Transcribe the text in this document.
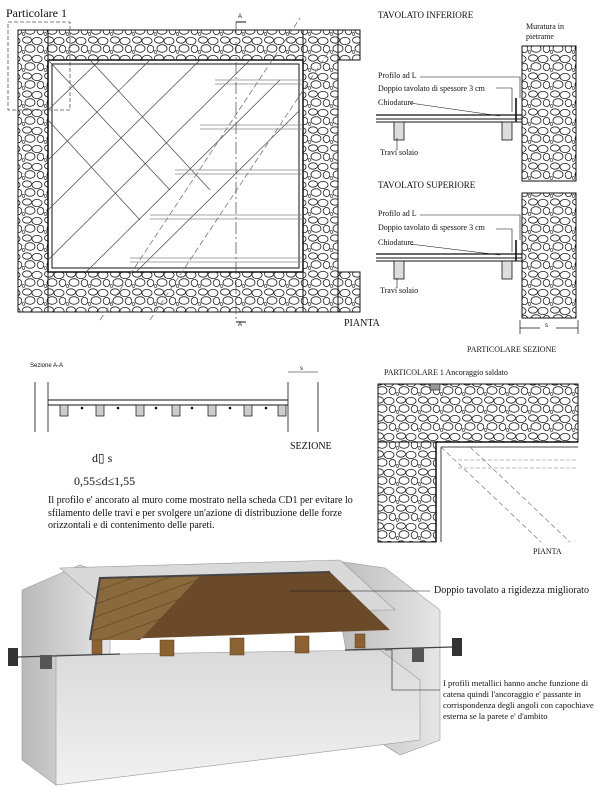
Particolare 1	A
A	PIANTA
TAVOLATO INFERIORE
Muratura in pietrame
Profilo ad L
Doppio tavolato di spessore 3 cm
Chiodature
Travi solaio
TAVOLATO SUPERIORE
Profilo ad L
Doppio tavolato di spessore 3 cm
Chiodature
Travi solaio
s
PARTICOLARE SEZIONE
Sezione A-A	s
SEZIONE
d▯ s
0,55≤d≤1,55
Il profilo e' ancorato al muro come mostrato nella scheda CD1 per evitare lo sfilamento delle travi e per svolgere un'azione di distribuzione delle forze orizzontali e di contenimento delle pareti.
PARTICOLARE 1 Ancoraggio saldato
PIANTA
Doppio tavolato a rigidezza migliorato
I profili metallici hanno anche funzione di catena quindi l'ancoraggio e' passante in corrispondenza degli angoli con capochiave esterna se la parete e' d'ambito
